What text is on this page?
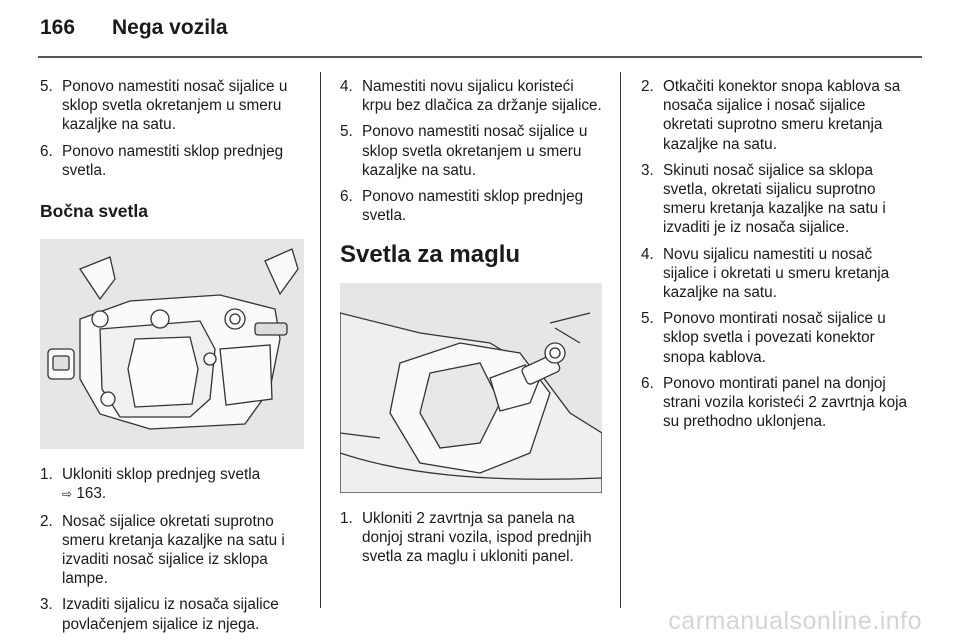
166 Nega vozila
5. Ponovo namestiti nosač sijalice u sklop svetla okretanjem u smeru kazaljke na satu.
6. Ponovo namestiti sklop prednjeg svetla.
Bočna svetla
1. Ukloniti sklop prednjeg svetla
⇨ 163.
2. Nosač sijalice okretati suprotno smeru kretanja kazaljke na satu i izvaditi nosač sijalice iz sklopa lampe.
3. Izvaditi sijalicu iz nosača sijalice povlačenjem sijalice iz njega.
4. Namestiti novu sijalicu koristeći krpu bez dlačica za držanje sijalice.
5. Ponovo namestiti nosač sijalice u sklop svetla okretanjem u smeru kazaljke na satu.
6. Ponovo namestiti sklop prednjeg svetla.
Svetla za maglu
1. Ukloniti 2 zavrtnja sa panela na donjoj strani vozila, ispod prednjih svetla za maglu i ukloniti panel.
2. Otkačiti konektor snopa kablova sa nosača sijalice i nosač sijalice okretati suprotno smeru kretanja kazaljke na satu.
3. Skinuti nosač sijalice sa sklopa svetla, okretati sijalicu suprotno smeru kretanja kazaljke na satu i izvaditi je iz nosača sijalice.
4. Novu sijalicu namestiti u nosač sijalice i okretati u smeru kretanja kazaljke na satu.
5. Ponovo montirati nosač sijalice u sklop svetla i povezati konektor snopa kablova.
6. Ponovo montirati panel na donjoj strani vozila koristeći 2 zavrtnja koja su prethodno uklonjena.
carmanualsonline.info
